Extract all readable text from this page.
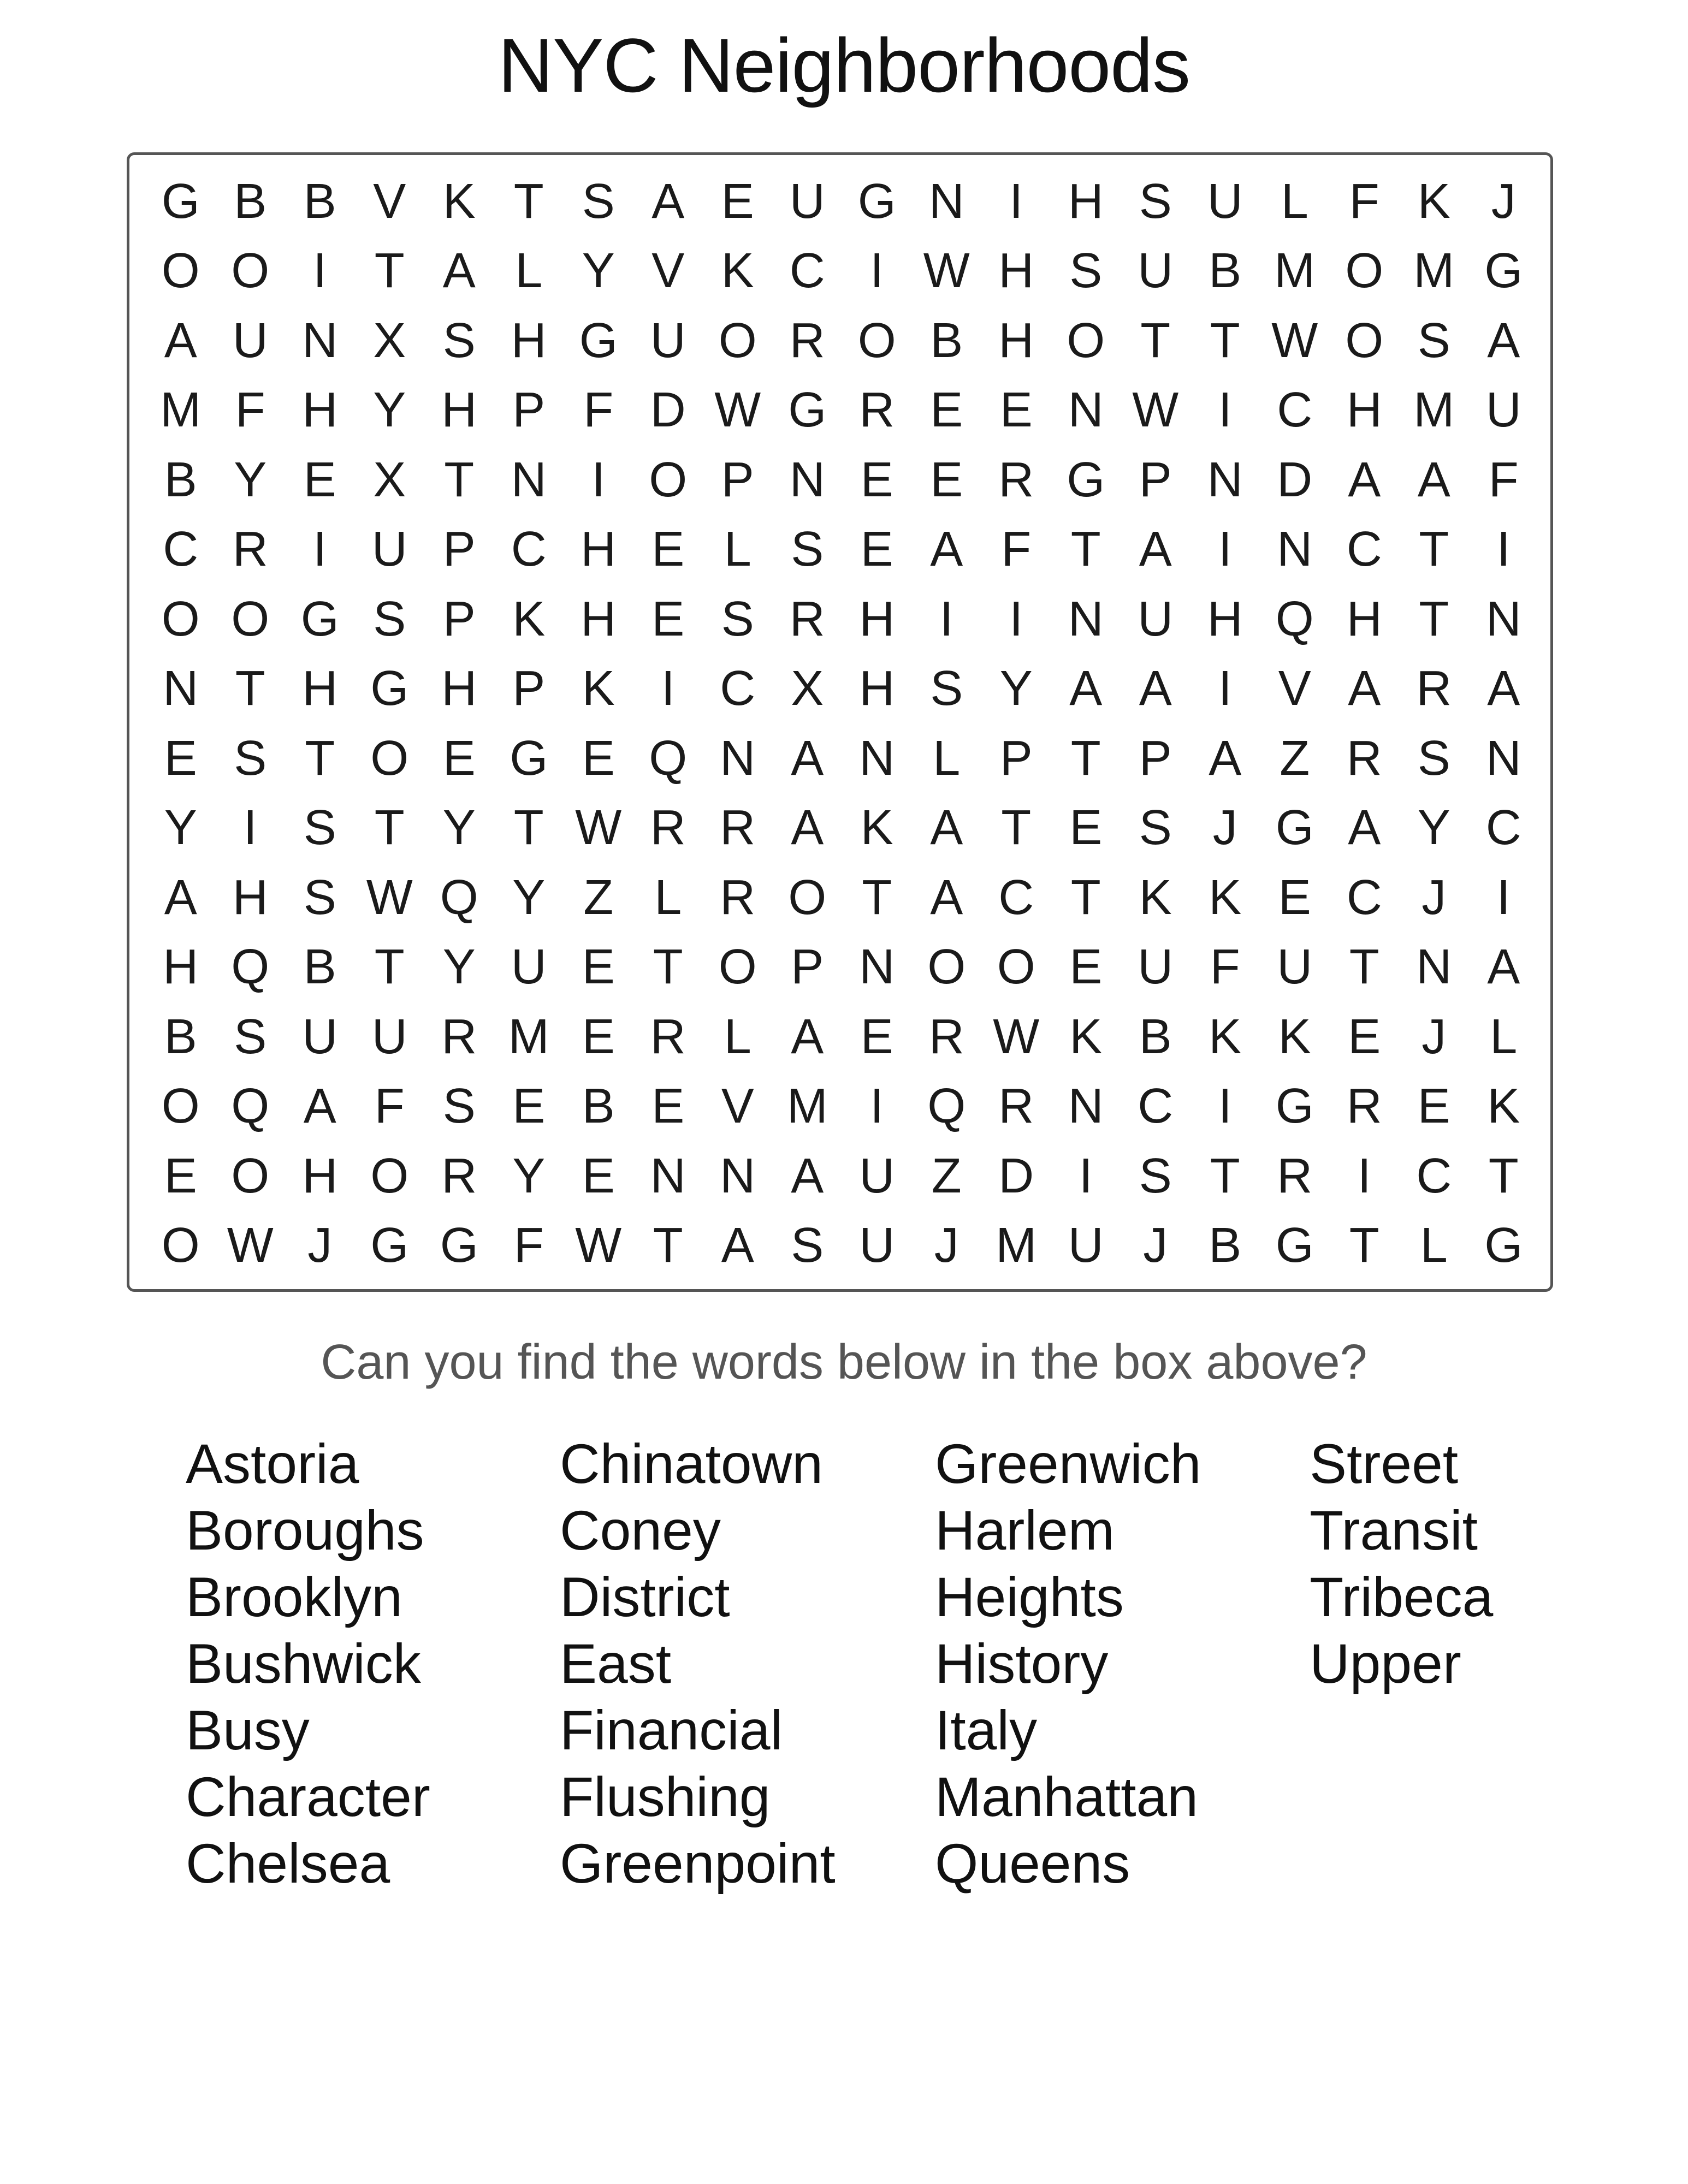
NYC Neighborhoods
G B B V K T S A E U G N I H S U L F K J
O O I T A L Y V K C I W H S U B M O M G
A U N X S H G U O R O B H O T T W O S A
M F H Y H P F D W G R E E N W I C H M U
B Y E X T N I O P N E E R G P N D A A F
C R I U P C H E L S E A F T A I N C T I
O O G S P K H E S R H I	I N U H Q H T N
N T H G H P K I C X H S Y A A I V A R A
E S T O E G E Q N A N L P T P A Z R S N
Y I S T Y T W R R A K A T E S J G A Y C
A H S W Q Y Z L R O T A C T K K E C J	I
H Q B T Y U E T O P N O O E U F U T N A
B S U U R M E R L A E R W K B K K E J L
O Q A F S E B E V M I Q R N C I G R E K
E O H O R Y E N N A U Z D I S T R I C T
O W J G G F W T A S U J M U J B G T L G
Can you find the words below in the box above?
Astoria
Boroughs
Brooklyn
Bushwick
Busy
Character
Chelsea
Chinatown
Coney
District
East
Financial
Flushing
Greenpoint
Greenwich
Harlem
Heights
History
Italy
Manhattan
Queens
Street
Transit
Tribeca
Upper
